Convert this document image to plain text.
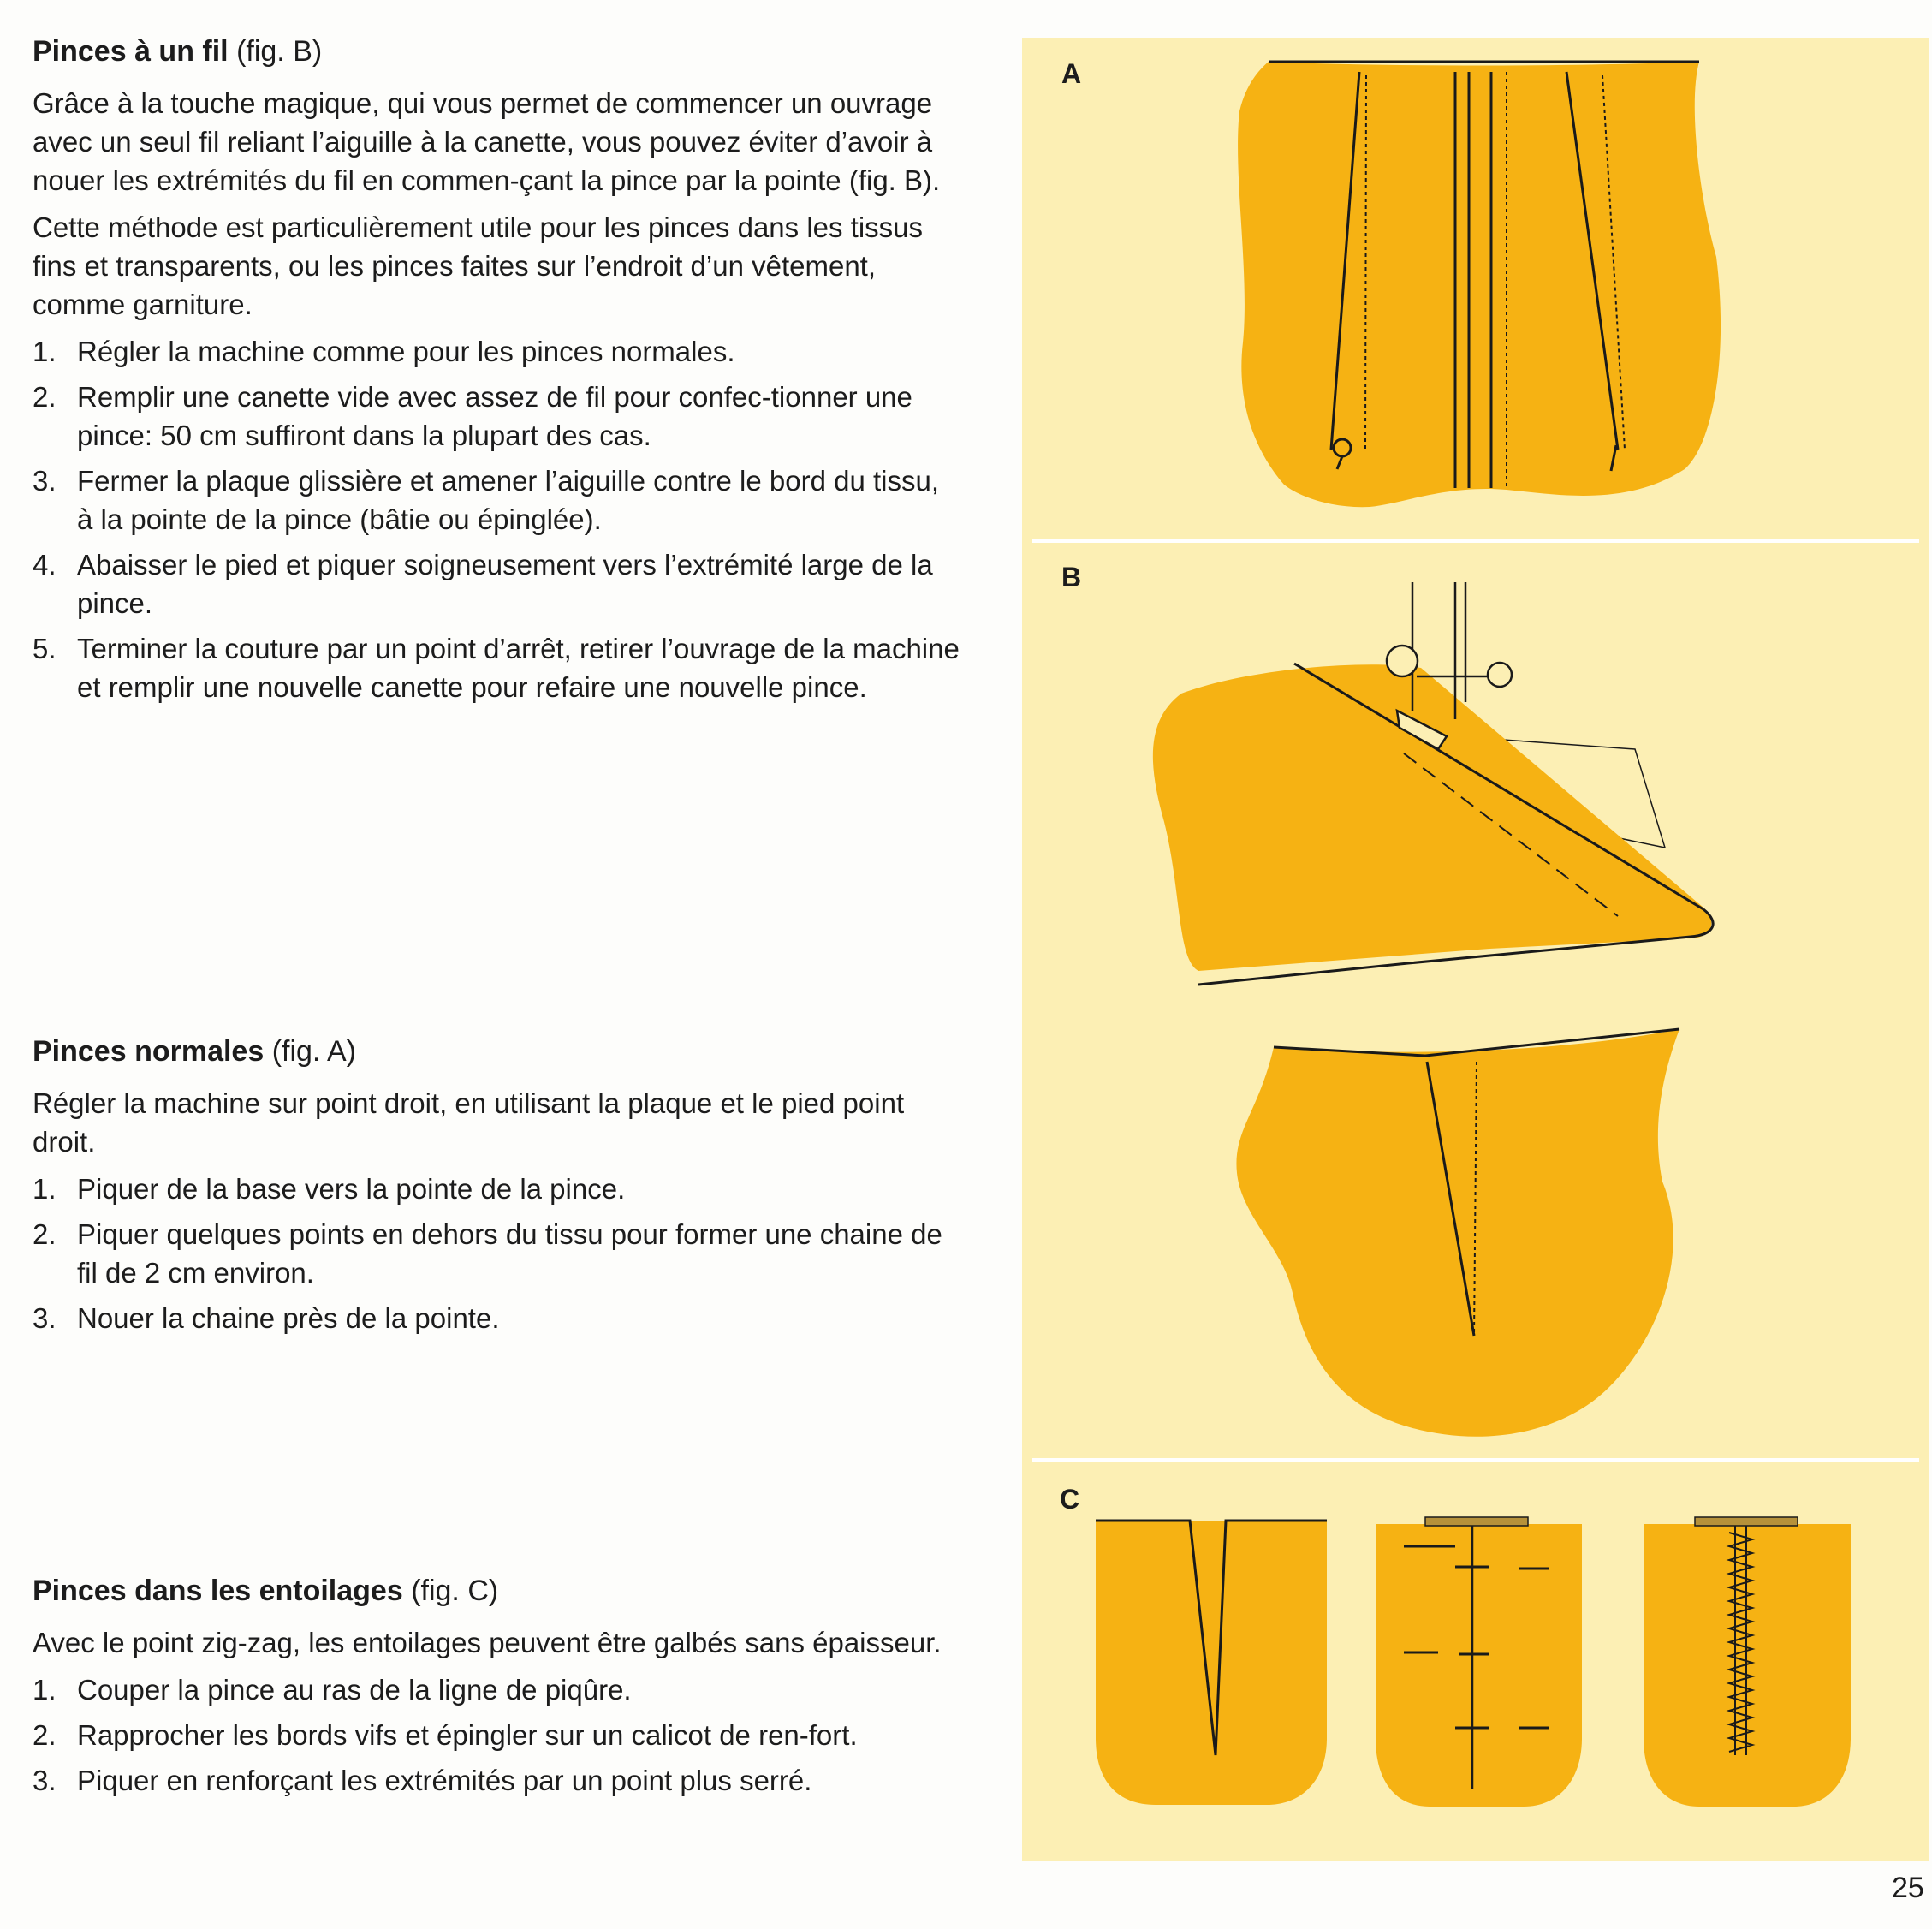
Pinces à un fil (fig. B)

Grâce à la touche magique, qui vous permet de commencer un ouvrage avec un seul fil reliant l’aiguille à la canette, vous pouvez éviter d’avoir à nouer les extrémités du fil en commen-çant la pince par la pointe (fig. B).

Cette méthode est particulièrement utile pour les pinces dans les tissus fins et transparents, ou les pinces faites sur l’endroit d’un vêtement, comme garniture.

1. Régler la machine comme pour les pinces normales.
2. Remplir une canette vide avec assez de fil pour confec-tionner une pince: 50 cm suffiront dans la plupart des cas.
3. Fermer la plaque glissière et amener l’aiguille contre le bord du tissu, à la pointe de la pince (bâtie ou épinglée).
4. Abaisser le pied et piquer soigneusement vers l’extrémité large de la pince.
5. Terminer la couture par un point d’arrêt, retirer l’ouvrage de la machine et remplir une nouvelle canette pour refaire une nouvelle pince.
Pinces normales (fig. A)

Régler la machine sur point droit, en utilisant la plaque et le pied point droit.

1. Piquer de la base vers la pointe de la pince.
2. Piquer quelques points en dehors du tissu pour former une chaine de fil de 2 cm environ.
3. Nouer la chaine près de la pointe.
Pinces dans les entoilages (fig. C)

Avec le point zig-zag, les entoilages peuvent être galbés sans épaisseur.

1. Couper la pince au ras de la ligne de piqûre.
2. Rapprocher les bords vifs et épingler sur un calicot de ren-fort.
3. Piquer en renforçant les extrémités par un point plus serré.
A
B
C
25
